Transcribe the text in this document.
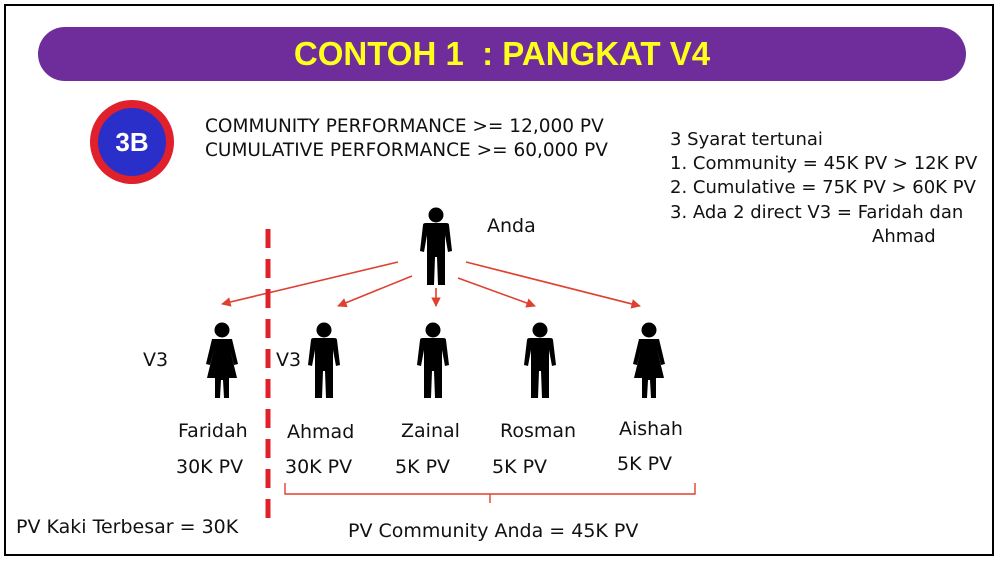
CONTOH 1  : PANGKAT V4
3B
COMMUNITY PERFORMANCE >= 12,000 PV
CUMULATIVE PERFORMANCE >= 60,000 PV
3 Syarat tertunai
1. Community = 45K PV > 12K PV
2. Cumulative = 75K PV > 60K PV
3. Ada 2 direct V3 = Faridah dan
Ahmad
Anda
V3
Faridah
30K PV
V3
Ahmad
30K PV
Zainal
5K PV
Rosman
5K PV
Aishah
5K PV
PV Kaki Terbesar = 30K	PV Community Anda = 45K PV
